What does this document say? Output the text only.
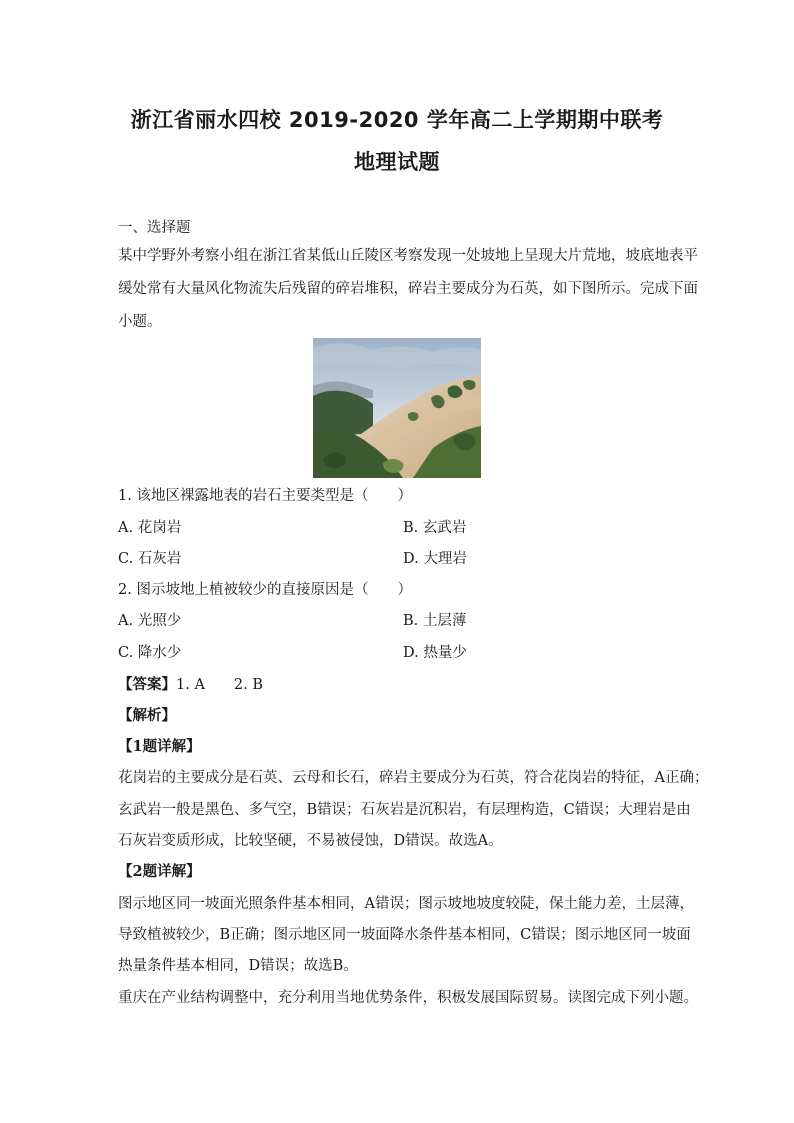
浙江省丽水四校 2019-2020 学年高二上学期期中联考
地理试题
一、选择题
某中学野外考察小组在浙江省某低山丘陵区考察发现一处坡地上呈现大片荒地，坡底地表平
缓处常有大量风化物流失后残留的碎岩堆积，碎岩主要成分为石英，如下图所示。完成下面
小题。
1. 该地区裸露地表的岩石主要类型是（　　）
A. 花岗岩	B. 玄武岩
C. 石灰岩	D. 大理岩
2. 图示坡地上植被较少的直接原因是（　　）
A. 光照少	B. 土层薄
C. 降水少	D. 热量少
【答案】1. A　　2. B
【解析】
【1题详解】
花岗岩的主要成分是石英、云母和长石，碎岩主要成分为石英，符合花岗岩的特征，A正确；
玄武岩一般是黑色、多气空，B错误；石灰岩是沉积岩，有层理构造，C错误；大理岩是由
石灰岩变质形成，比较坚硬，不易被侵蚀，D错误。故选A。
【2题详解】
图示地区同一坡面光照条件基本相同，A错误；图示坡地坡度较陡，保土能力差，土层薄，
导致植被较少，B正确；图示地区同一坡面降水条件基本相同，C错误；图示地区同一坡面
热量条件基本相同，D错误；故选B。
重庆在产业结构调整中，充分利用当地优势条件，积极发展国际贸易。读图完成下列小题。
